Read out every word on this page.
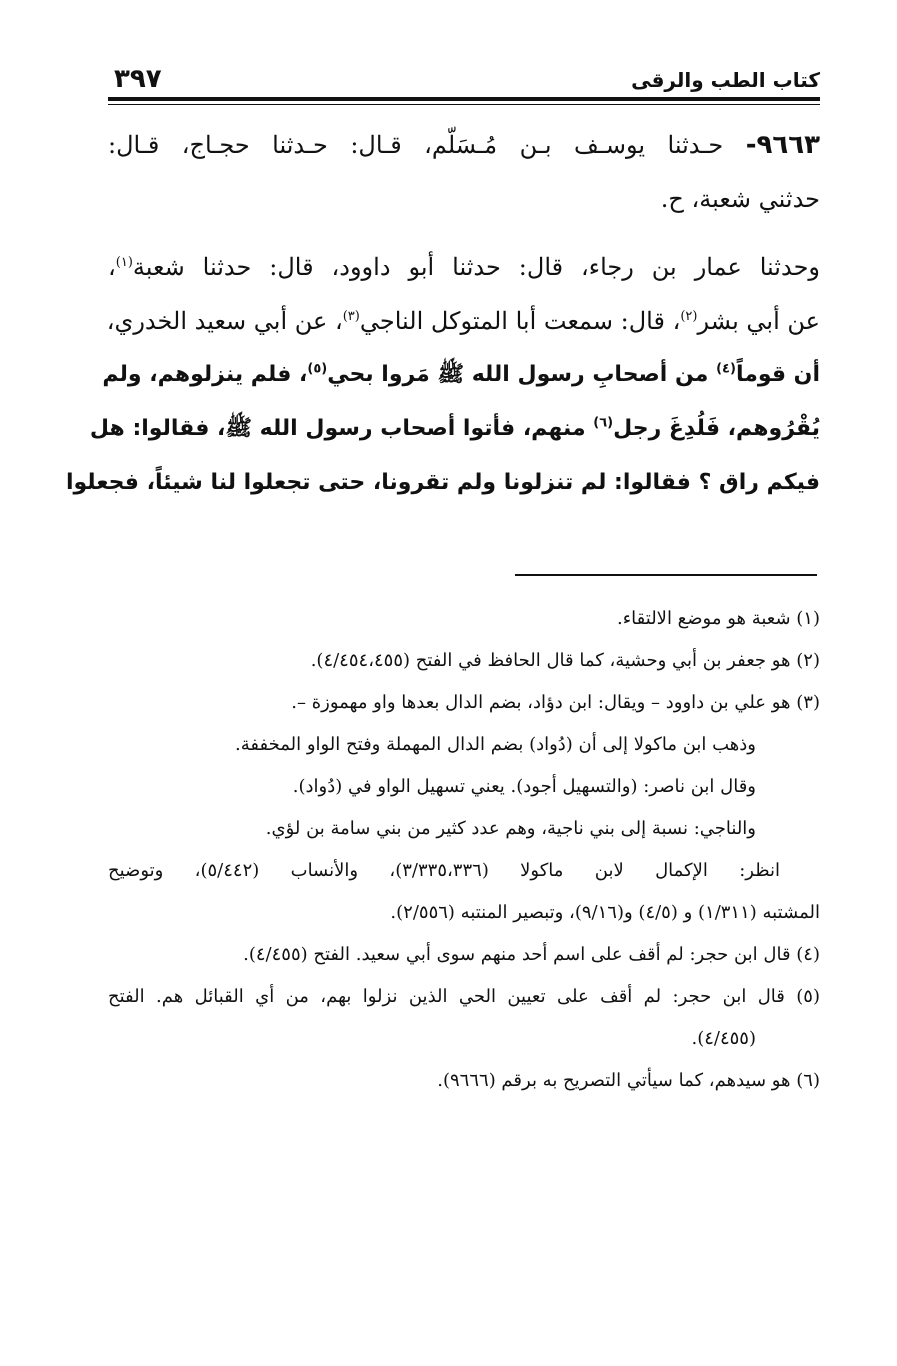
كتاب الطب والرقى
٣٩٧
٩٦٦٣- حـدثنا يوسـف بـن مُـسَلّم، قـال: حـدثنا حجـاج، قـال:
حدثني شعبة، ح.
وحدثنا عمار بن رجاء، قال: حدثنا أبو داوود، قال: حدثنا شعبة$^{(١)}$،
عن أبي بشر$^{(٢)}$، قال: سمعت أبا المتوكل الناجي$^{(٣)}$، عن أبي سعيد الخدري،
أن قوماً$^{(٤)}$ من أصحابِ رسول الله ﷺ مَروا بحي$^{(٥)}$، فلم ينزلوهم، ولم
يُقْرُوهم، فَلُدِغَ رجل$^{(٦)}$ منهم، فأتوا أصحاب رسول الله ﷺ، فقالوا: هل
فيكم راق ؟ فقالوا: لم تنزلونا ولم تقرونا، حتى تجعلوا لنا شيئاً، فجعلوا
(١) شعبة هو موضع الالتقاء.
(٢) هو جعفر بن أبي وحشية، كما قال الحافظ في الفتح (٤/٤٥٤،٤٥٥).
(٣) هو علي بن داوود – ويقال: ابن دؤاد، بضم الدال بعدها واو مهموزة –.
وذهب ابن ماكولا إلى أن (دُواد) بضم الدال المهملة وفتح الواو المخففة.
وقال ابن ناصر: (والتسهيل أجود). يعني تسهيل الواو في (دُواد).
والناجي: نسبة إلى بني ناجية، وهم عدد كثير من بني سامة بن لؤي.
انظر: الإكمال لابن ماكولا (٣/٣٣٥،٣٣٦)، والأنساب (٥/٤٤٢)، وتوضيح
المشتبه (١/٣١١) و (٤/٥) و(٩/١٦)، وتبصير المنتبه (٢/٥٥٦).
(٤) قال ابن حجر: لم أقف على اسم أحد منهم سوى أبي سعيد. الفتح (٤/٤٥٥).
(٥) قال ابن حجر: لم أقف على تعيين الحي الذين نزلوا بهم، من أي القبائل هم. الفتح
(٤/٤٥٥).
(٦) هو سيدهم، كما سيأتي التصريح به برقم (٩٦٦٦).
